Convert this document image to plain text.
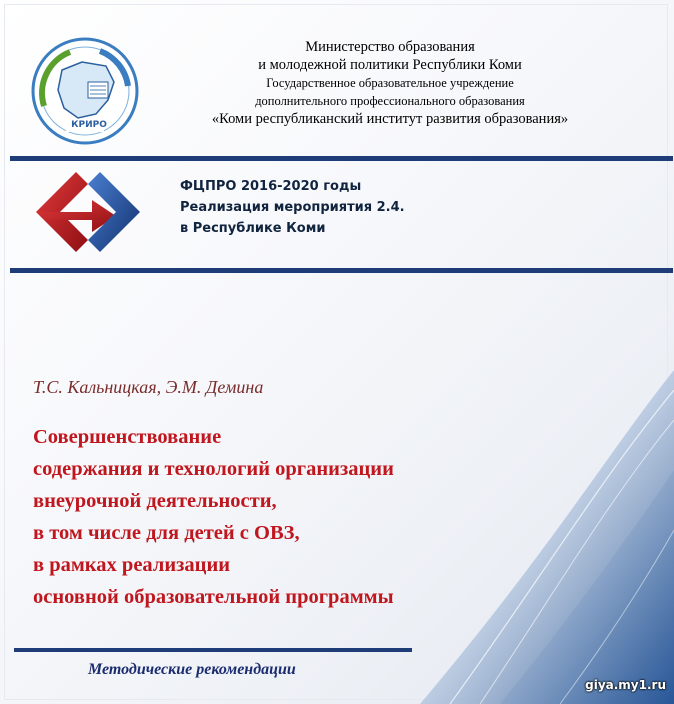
КРИРО
Министерство образования
и молодежной политики Республики Коми
Государственное образовательное учреждение
дополнительного профессионального образования
«Коми республиканский институт развития образования»
ФЦПРО 2016-2020 годы
Реализация мероприятия 2.4.
в Республике Коми
Т.С. Кальницкая, Э.М. Демина
Совершенствование
содержания и технологий организации
внеурочной деятельности,
в том числе для детей с ОВЗ,
в рамках реализации
основной образовательной программы
Методические рекомендации
giya.my1.ru
